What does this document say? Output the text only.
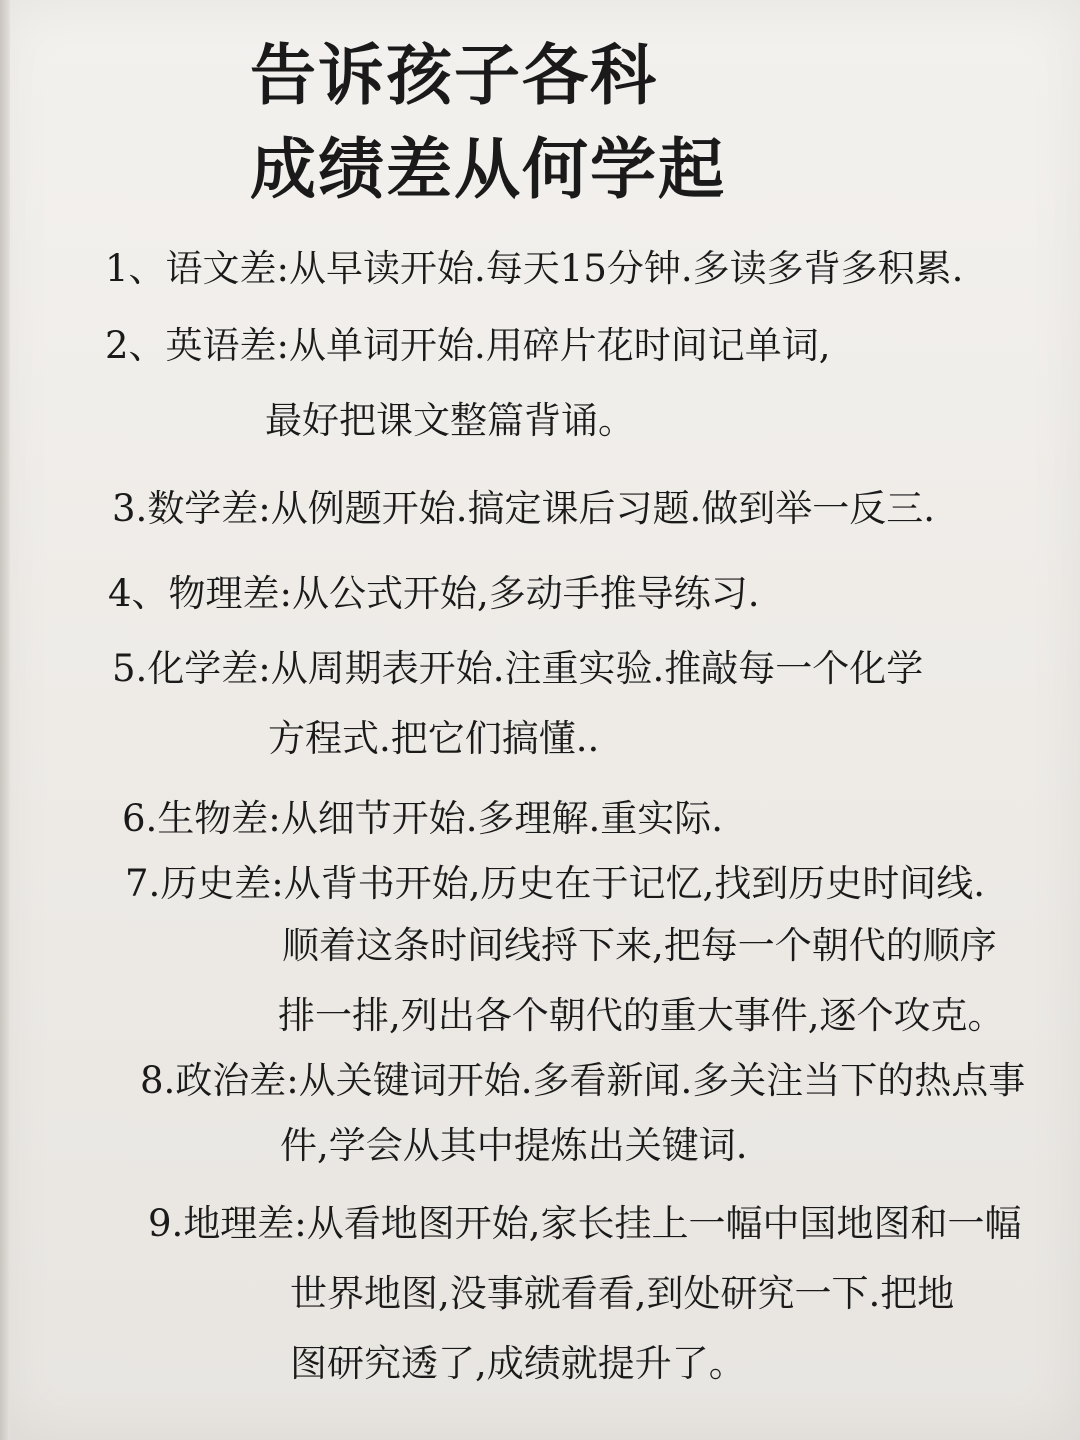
告诉孩子各科
成绩差从何学起
1、语文差:从早读开始.每天15分钟.多读多背多积累.
2、英语差:从单词开始.用碎片花时间记单词,
最好把课文整篇背诵。
3.数学差:从例题开始.搞定课后习题.做到举一反三.
4、物理差:从公式开始,多动手推导练习.
5.化学差:从周期表开始.注重实验.推敲每一个化学
方程式.把它们搞懂..
6.生物差:从细节开始.多理解.重实际.
7.历史差:从背书开始,历史在于记忆,找到历史时间线.
顺着这条时间线捋下来,把每一个朝代的顺序
排一排,列出各个朝代的重大事件,逐个攻克。
8.政治差:从关键词开始.多看新闻.多关注当下的热点事
件,学会从其中提炼出关键词.
9.地理差:从看地图开始,家长挂上一幅中国地图和一幅
世界地图,没事就看看,到处研究一下.把地
图研究透了,成绩就提升了。
